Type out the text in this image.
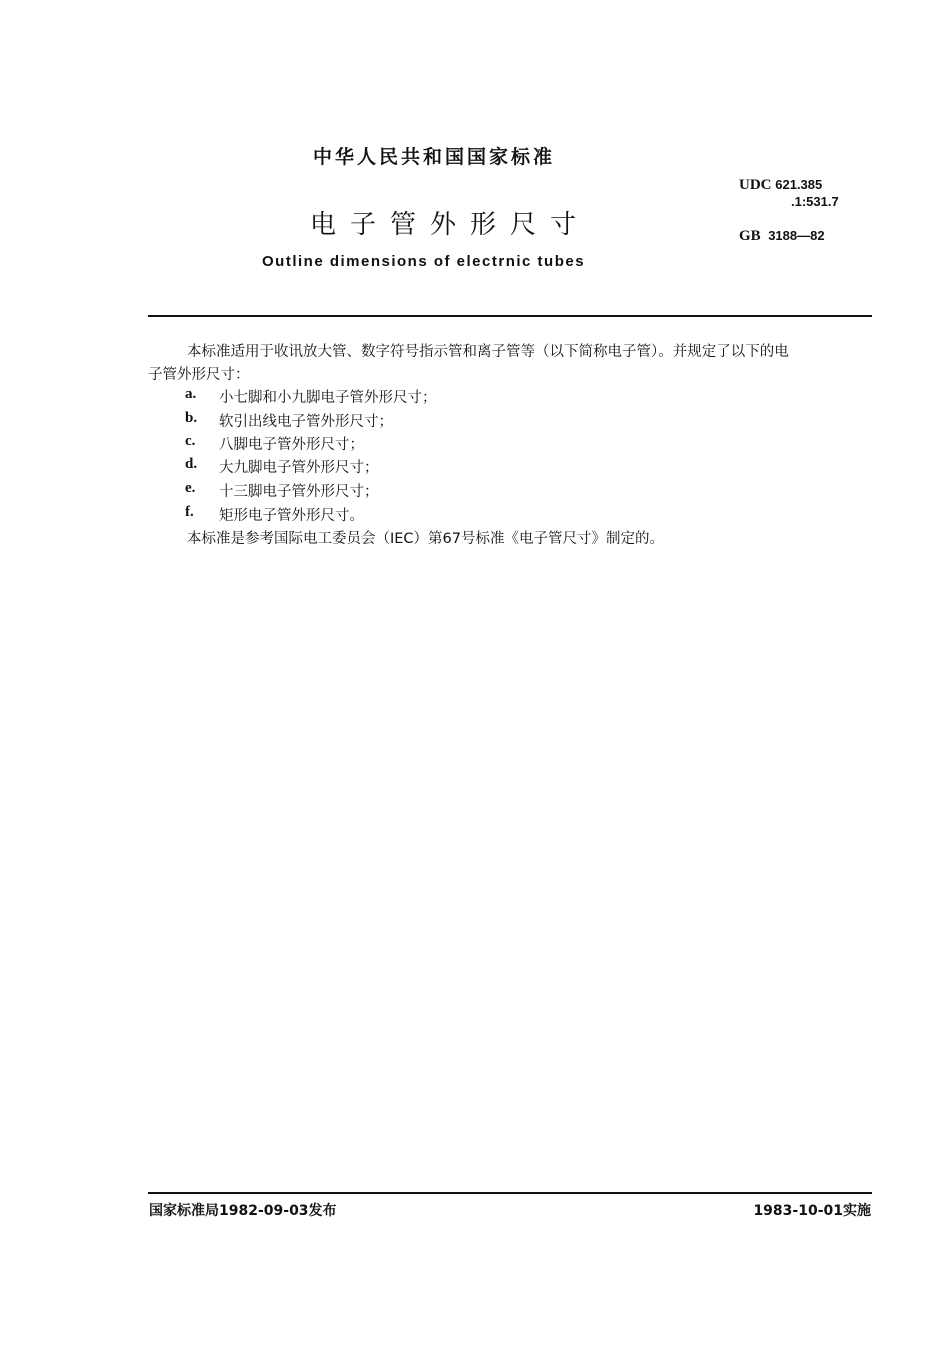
中华人民共和国国家标准
电子管外形尺寸
Outline dimensions of electrnic tubes
UDC 621.385
.1:531.7
GB 3188—82
本标准适用于收讯放大管、数字符号指示管和离子管等（以下简称电子管）。并规定了以下的电
子管外形尺寸：
a. 小七脚和小九脚电子管外形尺寸；
b. 软引出线电子管外形尺寸；
c. 八脚电子管外形尺寸；
d. 大九脚电子管外形尺寸；
e. 十三脚电子管外形尺寸；
f. 矩形电子管外形尺寸。
本标准是参考国际电工委员会（IEC）第67号标准《电子管尺寸》制定的。
国家标准局1982-09-03发布	1983-10-01实施
